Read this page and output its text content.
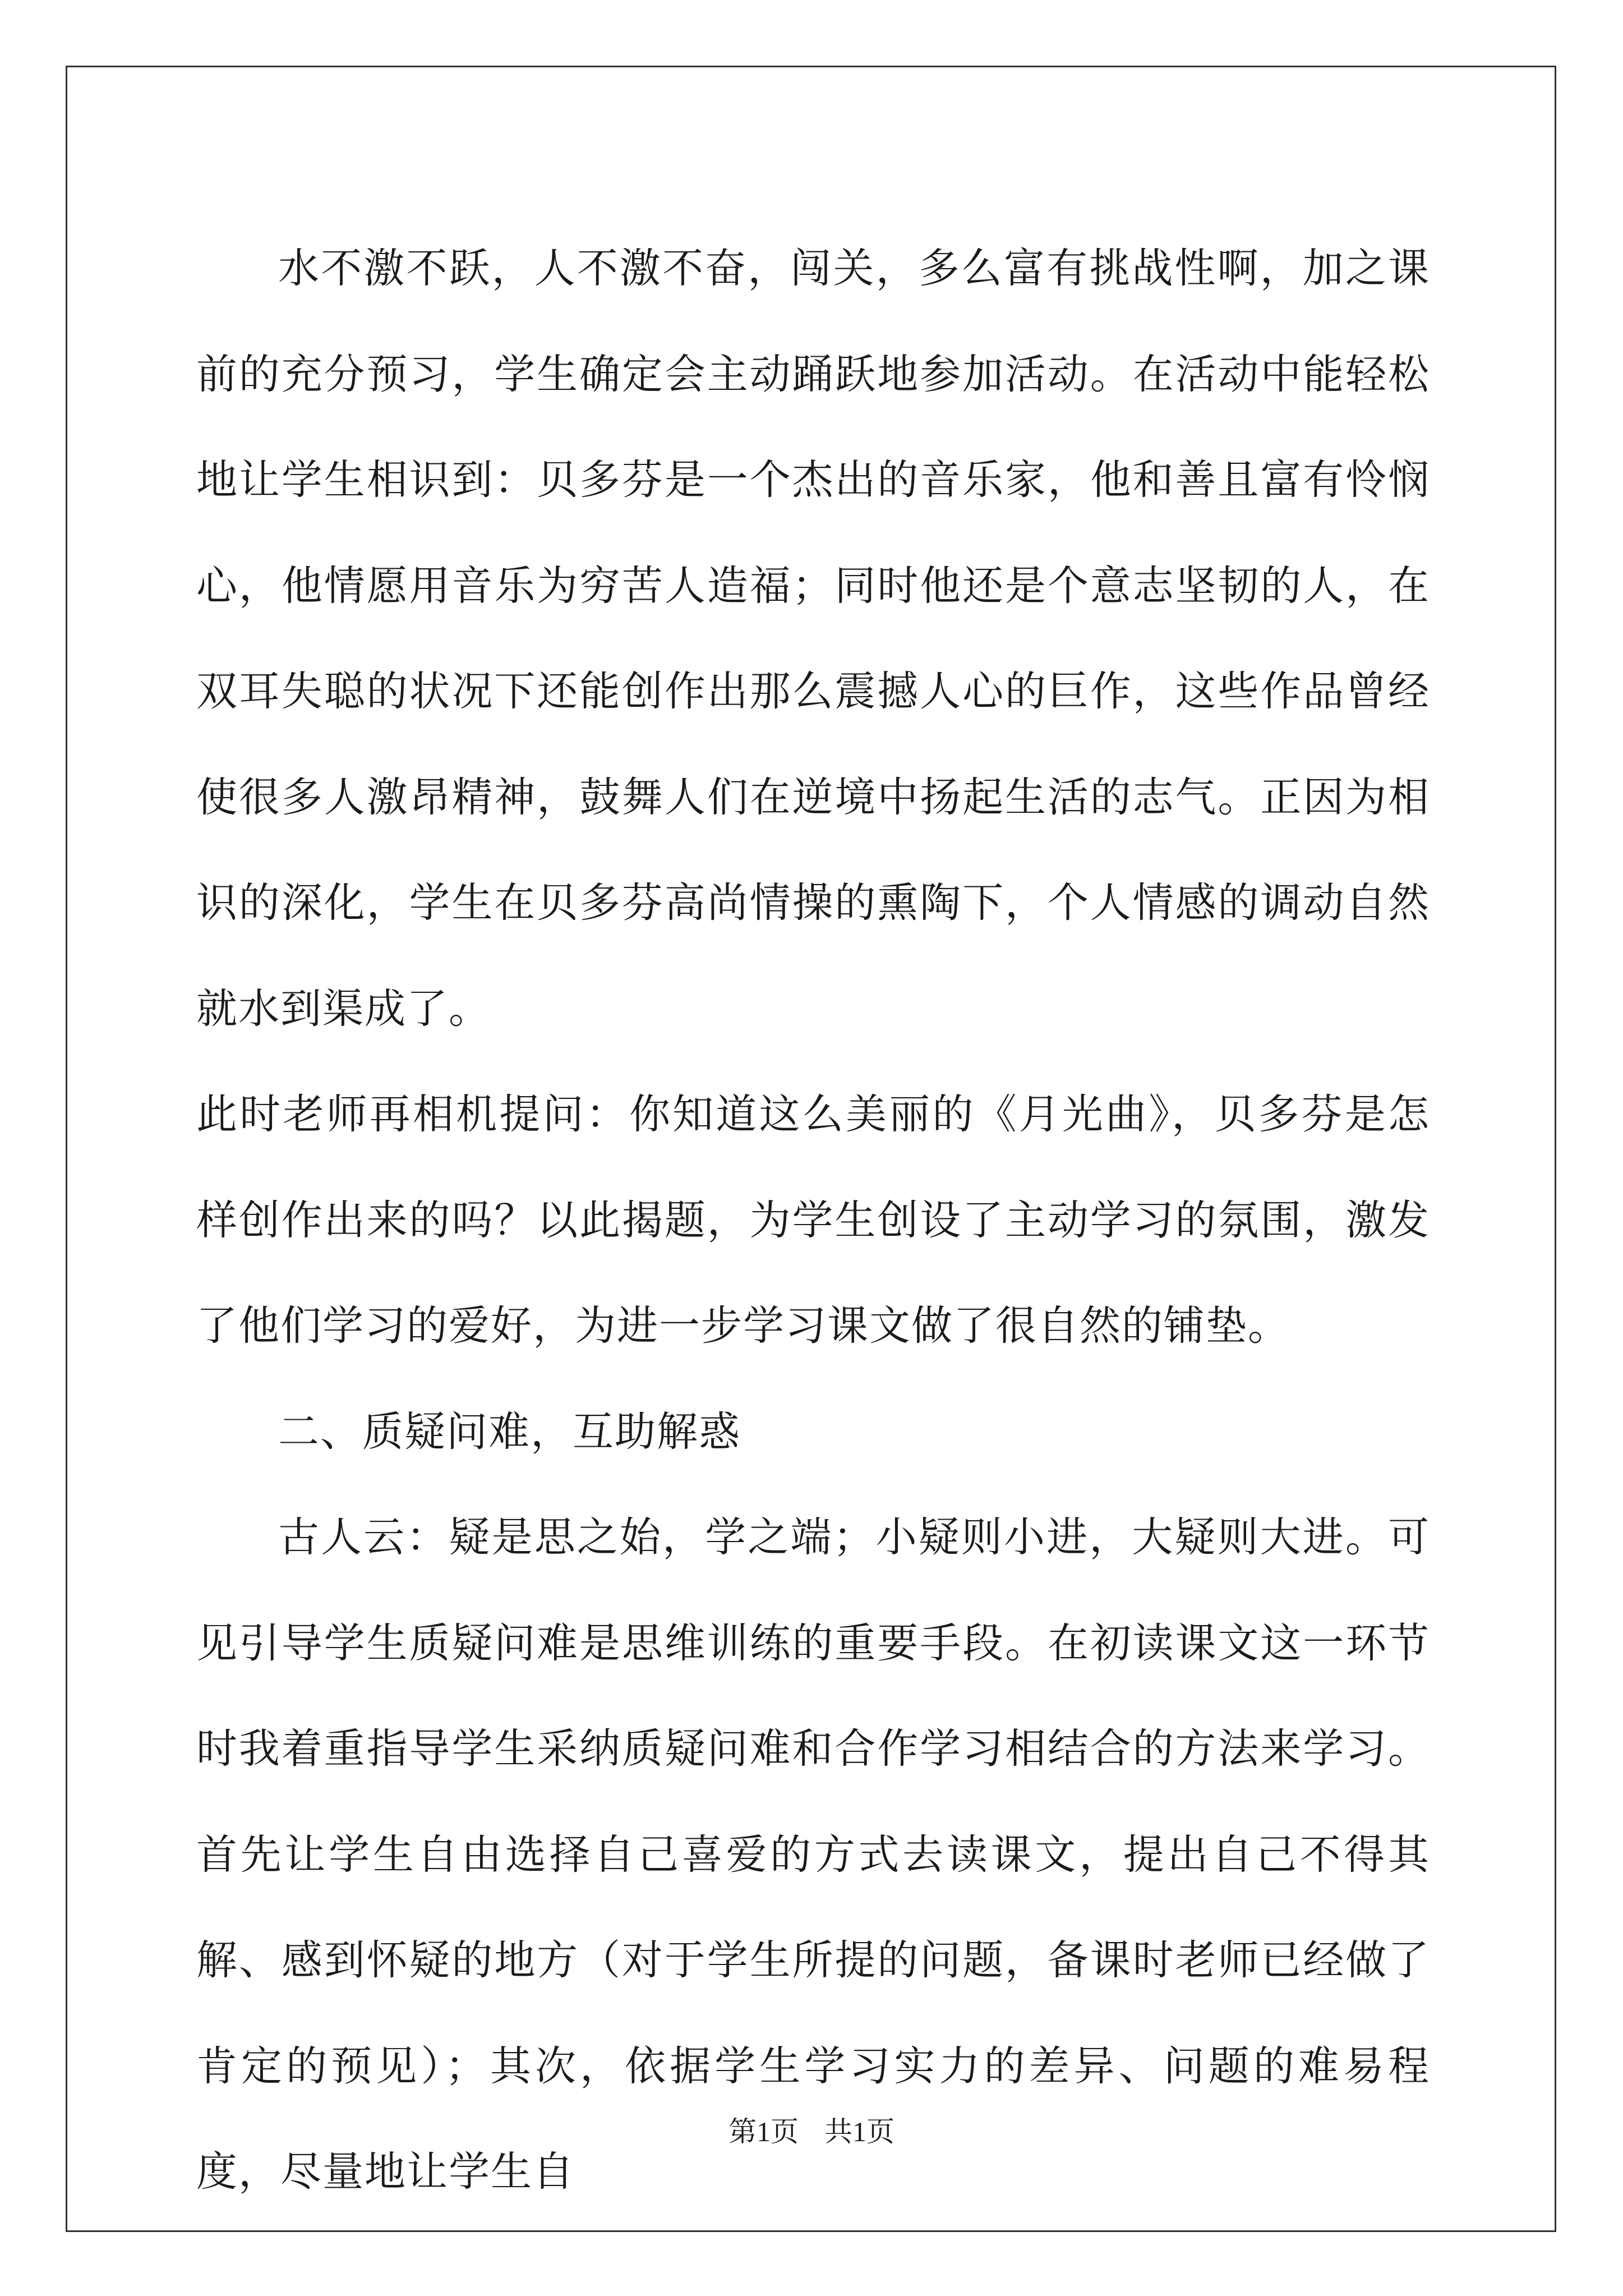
水不激不跃，人不激不奋，闯关，多么富有挑战性啊，加之课前的充分预习，学生确定会主动踊跃地参加活动。在活动中能轻松地让学生相识到：贝多芬是一个杰出的音乐家，他和善且富有怜悯心，他情愿用音乐为穷苦人造福；同时他还是个意志坚韧的人，在双耳失聪的状况下还能创作出那么震撼人心的巨作，这些作品曾经使很多人激昂精神，鼓舞人们在逆境中扬起生活的志气。正因为相识的深化，学生在贝多芬高尚情操的熏陶下，个人情感的调动自然就水到渠成了。

此时老师再相机提问：你知道这么美丽的《月光曲》，贝多芬是怎样创作出来的吗？以此揭题，为学生创设了主动学习的氛围，激发了他们学习的爱好，为进一步学习课文做了很自然的铺垫。

二、质疑问难，互助解惑

古人云：疑是思之始，学之端；小疑则小进，大疑则大进。可见引导学生质疑问难是思维训练的重要手段。在初读课文这一环节时我着重指导学生采纳质疑问难和合作学习相结合的方法来学习。首先让学生自由选择自己喜爱的方式去读课文，提出自己不得其解、感到怀疑的地方（对于学生所提的问题，备课时老师已经做了肯定的预见）；其次，依据学生学习实力的差异、问题的难易程度，尽量地让学生自

第1页 共1页
